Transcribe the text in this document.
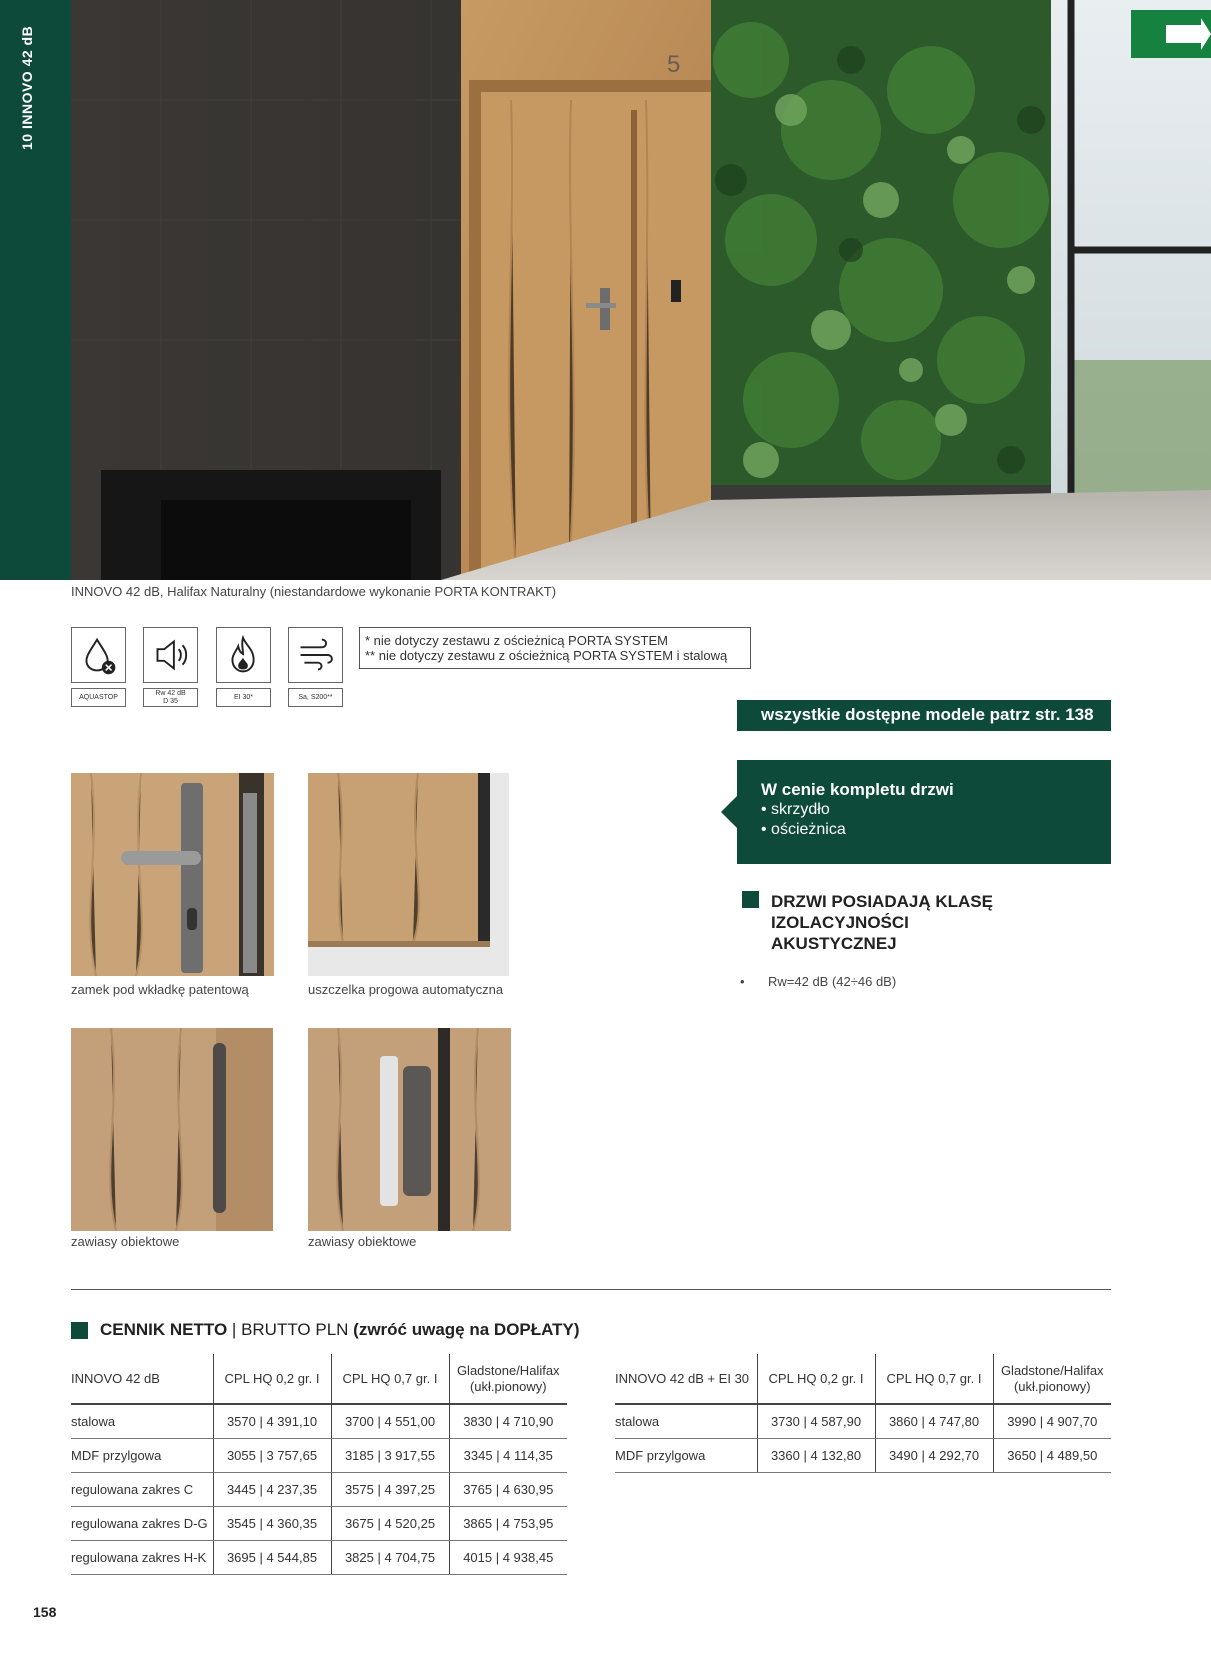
10 INNOVO 42 dB	5
INNOVO 42 dB, Halifax Naturalny (niestandardowe wykonanie PORTA KONTRAKT)
AQUASTOP
Rw 42 dB
D 35
EI 30*	Sa, S200**
* nie dotyczy zestawu z ościeżnicą PORTA SYSTEM
** nie dotyczy zestawu z ościeżnicą PORTA SYSTEM i stalową
wszystkie dostępne modele patrz str. 138
W cenie kompletu drzwi
• skrzydło
• ościeżnica
DRZWI POSIADAJĄ KLASĘ IZOLACYJNOŚCI AKUSTYCZNEJ
• Rw=42 dB (42÷46 dB)
zamek pod wkładkę patentową	uszczelka progowa automatyczna
zawiasy obiektowe	zawiasy obiektowe
CENNIK NETTO | BRUTTO PLN (zwróć uwagę na DOPŁATY)
INNOVO 42 dB	CPL HQ 0,2 gr. I	CPL HQ 0,7 gr. I	Gladstone/Halifax
(ukł.pionowy)
stalowa	3570 | 4 391,10	3700 | 4 551,00	3830 | 4 710,90
MDF przylgowa	3055 | 3 757,65	3185 | 3 917,55	3345 | 4 114,35
regulowana zakres C	3445 | 4 237,35	3575 | 4 397,25	3765 | 4 630,95
regulowana zakres D-G	3545 | 4 360,35	3675 | 4 520,25	3865 | 4 753,95
regulowana zakres H-K	3695 | 4 544,85	3825 | 4 704,75	4015 | 4 938,45
INNOVO 42 dB + EI 30	CPL HQ 0,2 gr. I	CPL HQ 0,7 gr. I	Gladstone/Halifax
(ukł.pionowy)
stalowa	3730 | 4 587,90	3860 | 4 747,80	3990 | 4 907,70
MDF przylgowa	3360 | 4 132,80	3490 | 4 292,70	3650 | 4 489,50
158
